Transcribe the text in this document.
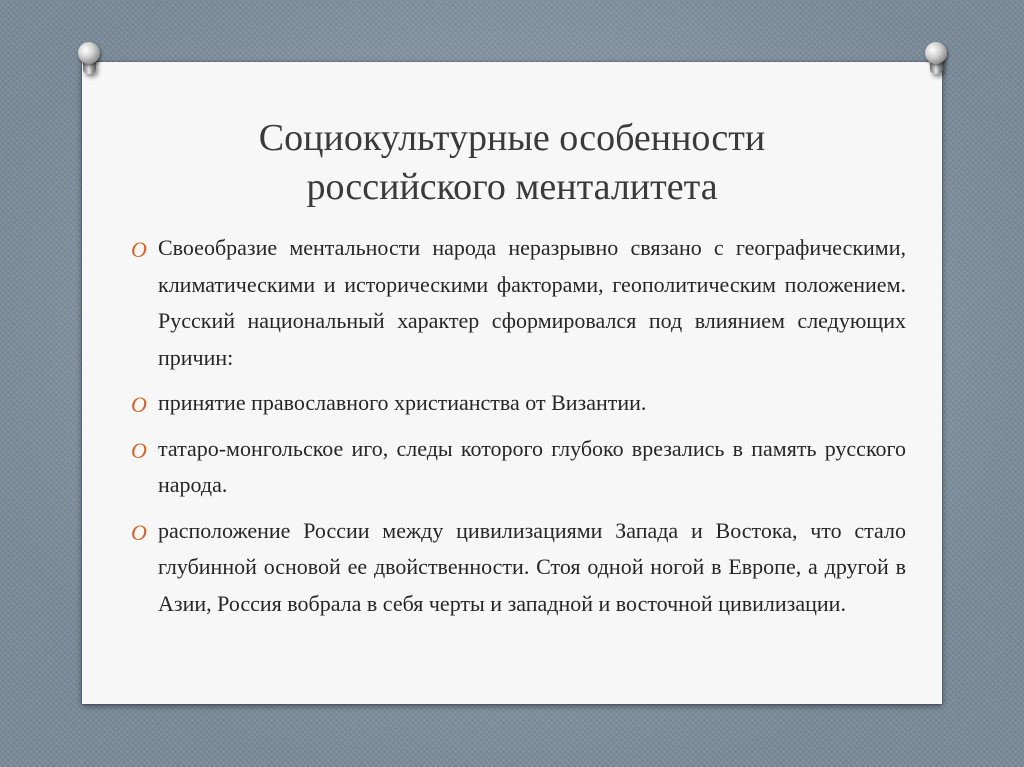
Социокультурные особенности
российского менталитета
O Своеобразие ментальности народа неразрывно связано с географическими, климатическими и историческими факторами, геополитическим положением. Русский национальный характер сформировался под влиянием следующих причин:
O принятие православного христианства от Византии.
O татаро-монгольское иго, следы которого глубоко врезались в память русского народа.
O расположение России между цивилизациями Запада и Востока, что стало глубинной основой ее двойственности. Стоя одной ногой в Европе, а другой в Азии, Россия вобрала в себя черты и западной и восточной цивилизации.
